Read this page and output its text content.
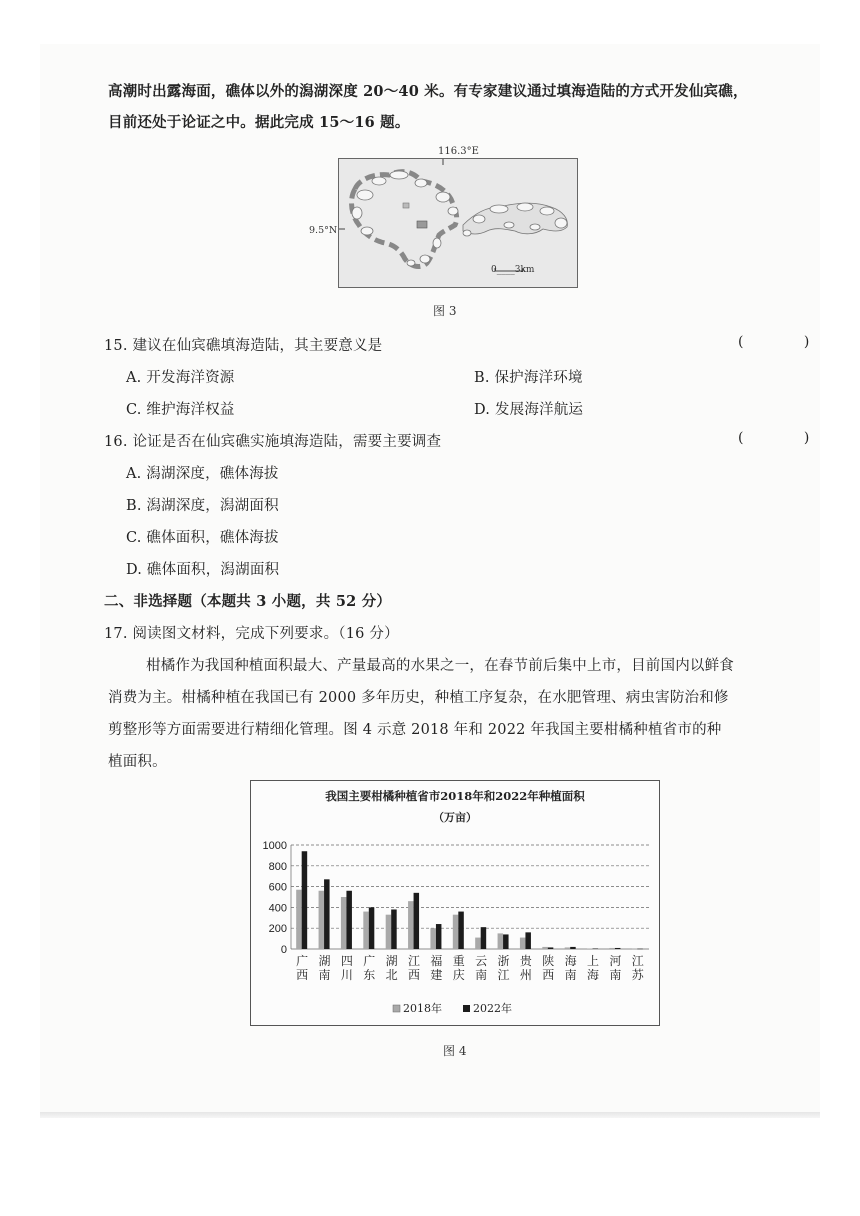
高潮时出露海面，礁体以外的潟湖深度 20～40 米。有专家建议通过填海造陆的方式开发仙宾礁，
目前还处于论证之中。据此完成 15～16 题。
116.3°E
9.5°N
0____3km
图 3
15. 建议在仙宾礁填海造陆，其主要意义是	( )
A. 开发海洋资源	B. 保护海洋环境
C. 维护海洋权益	D. 发展海洋航运
16. 论证是否在仙宾礁实施填海造陆，需要主要调查	( )
A. 潟湖深度，礁体海拔
B. 潟湖深度，潟湖面积
C. 礁体面积，礁体海拔
D. 礁体面积，潟湖面积
二、非选择题（本题共 3 小题，共 52 分）
17. 阅读图文材料，完成下列要求。（16 分）
柑橘作为我国种植面积最大、产量最高的水果之一，在春节前后集中上市，目前国内以鲜食
消费为主。柑橘种植在我国已有 2000 多年历史，种植工序复杂，在水肥管理、病虫害防治和修
剪整形等方面需要进行精细化管理。图 4 示意 2018 年和 2022 年我国主要柑橘种植省市的种
植面积。
我国主要柑橘种植省市2018年和2022年种植面积
（万亩）
0
200
400
600
800
1000
广
西
湖
南
四
川
广
东
湖
北
江
西
福
建
重
庆
云
南
浙
江
贵
州
陕
西
海
南
上
海
河
南
江
苏
2018年	2022年
图 4
